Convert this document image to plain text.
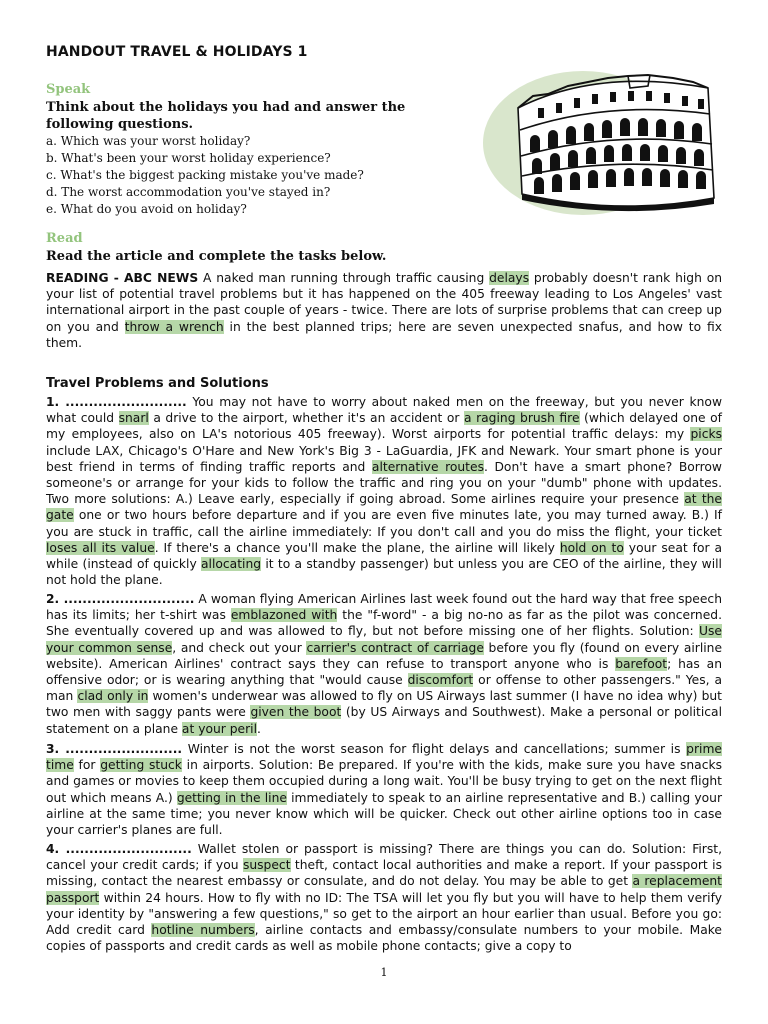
HANDOUT TRAVEL & HOLIDAYS 1
Speak
Think about the holidays you had and answer the following questions.
a. Which was your worst holiday?
b. What's been your worst holiday experience?
c. What's the biggest packing mistake you've made?
d. The worst accommodation you've stayed in?
e. What do you avoid on holiday?
Read
Read the article and complete the tasks below.

READING - ABC NEWS A naked man running through traffic causing delays probably doesn't rank high on your list of potential travel problems but it has happened on the 405 freeway leading to Los Angeles' vast international airport in the past couple of years - twice. There are lots of surprise problems that can creep up on you and throw a wrench in the best planned trips; here are seven unexpected snafus, and how to fix them.

Travel Problems and Solutions

1. .......................... You may not have to worry about naked men on the freeway, but you never know what could snarl a drive to the airport, whether it's an accident or a raging brush fire (which delayed one of my employees, also on LA's notorious 405 freeway). Worst airports for potential traffic delays: my picks include LAX, Chicago's O'Hare and New York's Big 3 - LaGuardia, JFK and Newark. Your smart phone is your best friend in terms of finding traffic reports and alternative routes. Don't have a smart phone? Borrow someone's or arrange for your kids to follow the traffic and ring you on your "dumb" phone with updates. Two more solutions: A.) Leave early, especially if going abroad. Some airlines require your presence at the gate one or two hours before departure and if you are even five minutes late, you may turned away. B.) If you are stuck in traffic, call the airline immediately: If you don't call and you do miss the flight, your ticket loses all its value. If there's a chance you'll make the plane, the airline will likely hold on to your seat for a while (instead of quickly allocating it to a standby passenger) but unless you are CEO of the airline, they will not hold the plane.

2. ............................ A woman flying American Airlines last week found out the hard way that free speech has its limits; her t-shirt was emblazoned with the "f-word" - a big no-no as far as the pilot was concerned. She eventually covered up and was allowed to fly, but not before missing one of her flights. Solution: Use your common sense, and check out your carrier's contract of carriage before you fly (found on every airline website). American Airlines' contract says they can refuse to transport anyone who is barefoot; has an offensive odor; or is wearing anything that "would cause discomfort or offense to other passengers." Yes, a man clad only in women's underwear was allowed to fly on US Airways last summer (I have no idea why) but two men with saggy pants were given the boot (by US Airways and Southwest). Make a personal or political statement on a plane at your peril.

3. ......................... Winter is not the worst season for flight delays and cancellations; summer is prime time for getting stuck in airports. Solution: Be prepared. If you're with the kids, make sure you have snacks and games or movies to keep them occupied during a long wait. You'll be busy trying to get on the next flight out which means A.) getting in the line immediately to speak to an airline representative and B.) calling your airline at the same time; you never know which will be quicker. Check out other airline options too in case your carrier's planes are full.

4. ........................... Wallet stolen or passport is missing? There are things you can do. Solution: First, cancel your credit cards; if you suspect theft, contact local authorities and make a report. If your passport is missing, contact the nearest embassy or consulate, and do not delay. You may be able to get a replacement passport within 24 hours. How to fly with no ID: The TSA will let you fly but you will have to help them verify your identity by "answering a few questions," so get to the airport an hour earlier than usual. Before you go: Add credit card hotline numbers, airline contacts and embassy/consulate numbers to your mobile. Make copies of passports and credit cards as well as mobile phone contacts; give a copy to

1
